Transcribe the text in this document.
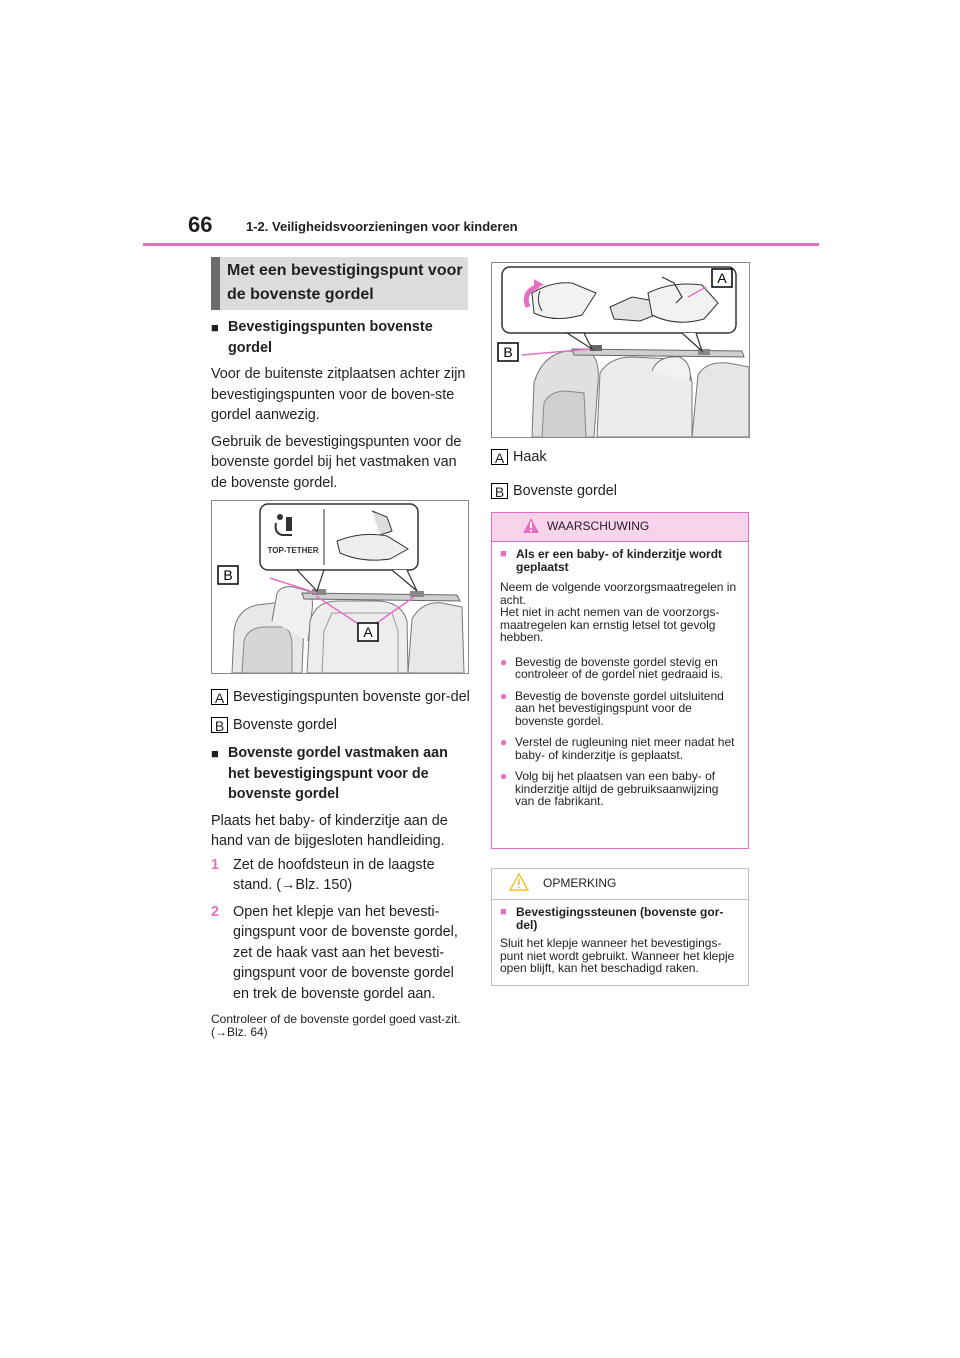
66	1-2. Veiligheidsvoorzieningen voor kinderen
Met een bevestigingspunt voor de bovenste gordel
■ Bevestigingspunten bovenste gordel

Voor de buitenste zitplaatsen achter zijn bevestigingspunten voor de boven-ste gordel aanwezig.

Gebruik de bevestigingspunten voor de bovenste gordel bij het vastmaken van de bovenste gordel.

TOP-TETHER
B
A
A Bevestigingspunten bovenste gor-del
B Bovenste gordel
■ Bovenste gordel vastmaken aan het bevestigingspunt voor de bovenste gordel

Plaats het baby- of kinderzitje aan de hand van de bijgesloten handleiding.

1 Zet de hoofdsteun in de laagste stand. (→Blz. 150)
2 Open het klepje van het bevesti-gingspunt voor de bovenste gordel, zet de haak vast aan het bevesti-gingspunt voor de bovenste gordel en trek de bovenste gordel aan.

Controleer of de bovenste gordel goed vast-zit. (→Blz. 64)

A
B
A Haak
B Bovenste gordel
WAARSCHUWING
■ Als er een baby- of kinderzitje wordt geplaatst
Neem de volgende voorzorgsmaatregelen in acht.
Het niet in acht nemen van de voorzorgs-maatregelen kan ernstig letsel tot gevolg hebben.
● Bevestig de bovenste gordel stevig en controleer of de gordel niet gedraaid is.
● Bevestig de bovenste gordel uitsluitend aan het bevestigingspunt voor de bovenste gordel.
● Verstel de rugleuning niet meer nadat het baby- of kinderzitje is geplaatst.
● Volg bij het plaatsen van een baby- of kinderzitje altijd de gebruiksaanwijzing van de fabrikant.
OPMERKING
■ Bevestigingssteunen (bovenste gor-del)
Sluit het klepje wanneer het bevestigings-punt niet wordt gebruikt. Wanneer het klepje open blijft, kan het beschadigd raken.
